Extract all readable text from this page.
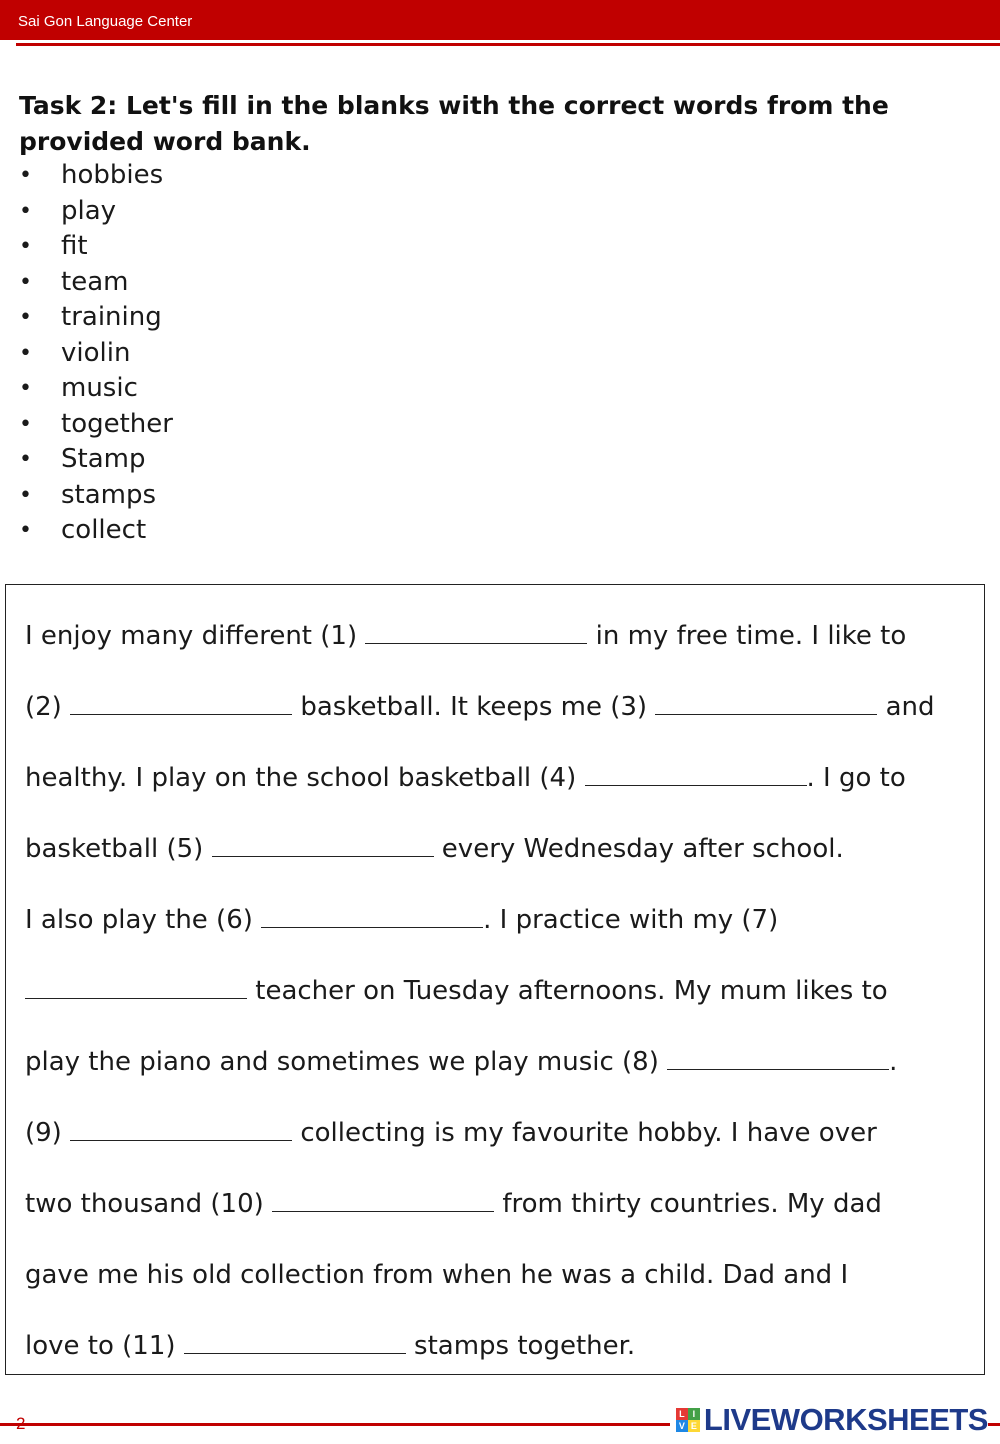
Sai Gon Language Center
Task 2: Let's fill in the blanks with the correct words from the provided word bank.
• hobbies
• play
• fit
• team
• training
• violin
• music
• together
• Stamp
• stamps
• collect
I enjoy many different (1)	in my free time. I like to
(2)	basketball. It keeps me (3)	and
healthy. I play on the school basketball (4)	. I go to
basketball (5)	every Wednesday after school.
I also play the (6)	. I practice with my (7)
teacher on Tuesday afternoons. My mum likes to
play the piano and sometimes we play music (8)	.
(9)	collecting is my favourite hobby. I have over
two thousand (10)	from thirty countries. My dad
gave me his old collection from when he was a child. Dad and I
love to (11)	stamps together.
2	L I
V E LIVEWORKSHEETS
